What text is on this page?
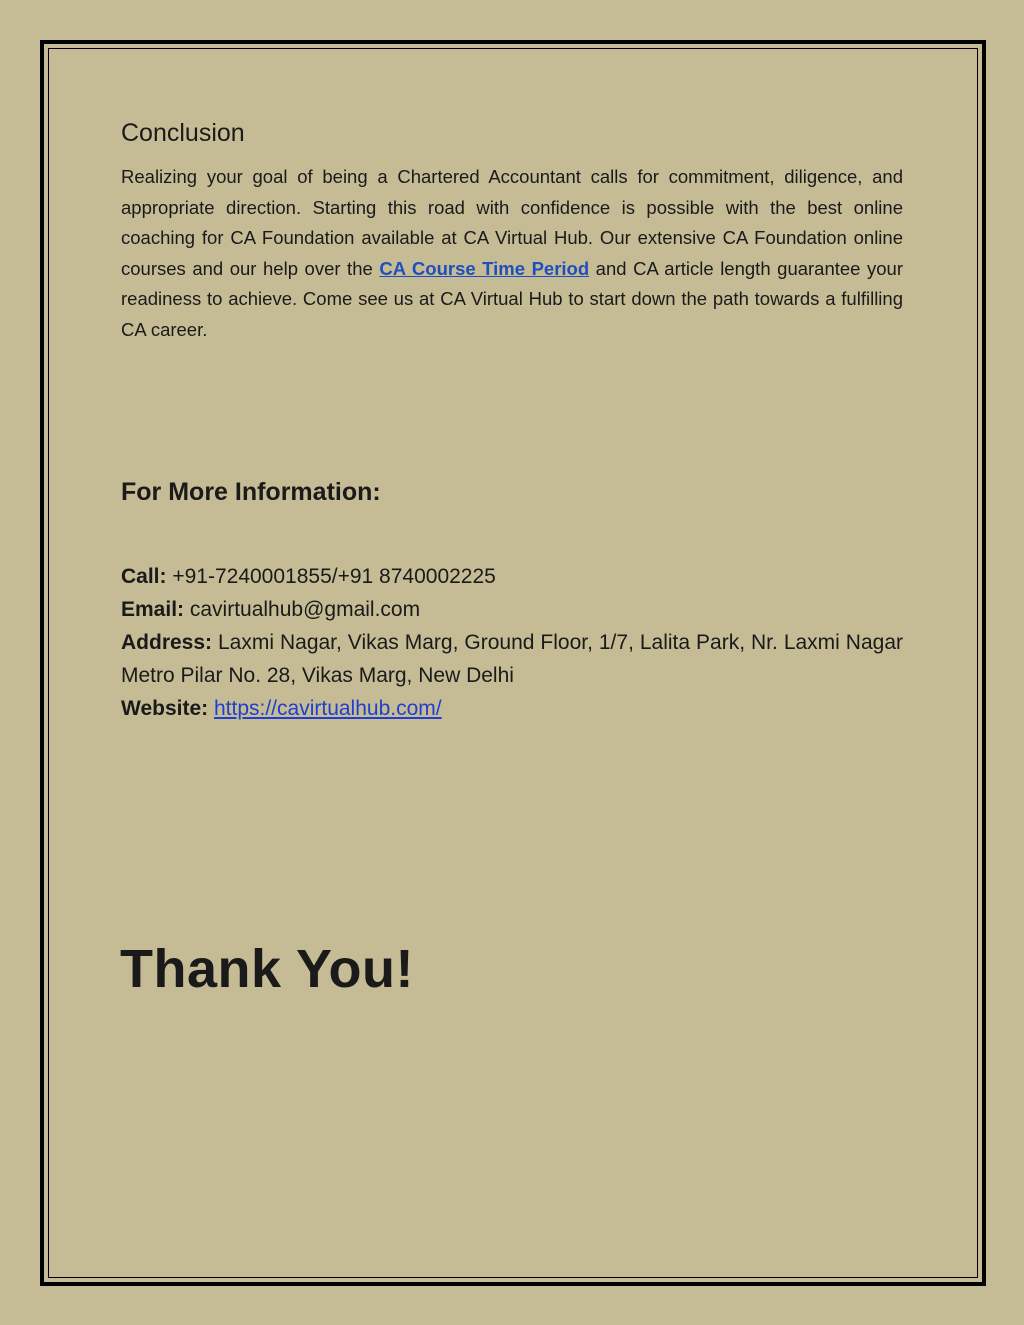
Conclusion

Realizing your goal of being a Chartered Accountant calls for commitment, diligence, and appropriate direction. Starting this road with confidence is possible with the best online coaching for CA Foundation available at CA Virtual Hub. Our extensive CA Foundation online courses and our help over the CA Course Time Period and CA article length guarantee your readiness to achieve. Come see us at CA Virtual Hub to start down the path towards a fulfilling CA career.

For More Information:

Call: +91-7240001855/+91 8740002225

Email: cavirtualhub@gmail.com

Address: Laxmi Nagar, Vikas Marg, Ground Floor, 1/7, Lalita Park, Nr. Laxmi Nagar Metro Pilar No. 28, Vikas Marg, New Delhi

Website: https://cavirtualhub.com/

Thank You!
